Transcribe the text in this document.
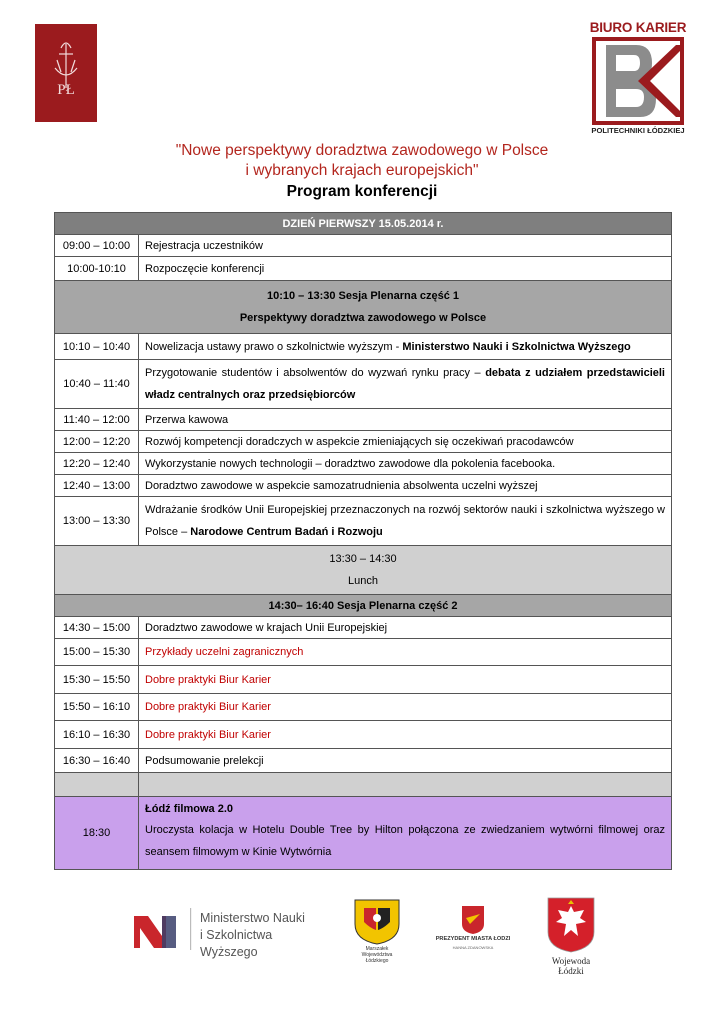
PŁ
BIURO KARIER
POLITECHNIKI ŁÓDZKIEJ
"Nowe perspektywy doradztwa zawodowego w Polsce
i wybranych krajach europejskich"
Program konferencji
DZIEŃ PIERWSZY 15.05.2014 r.	
09:00 – 10:00	Rejestracja uczestników
10:00-10:10	Rozpoczęcie konferencji

10:10 – 13:30 Sesja Plenarna część 1
Perspektywy doradztwa zawodowego w Polsce	

10:10 – 10:40	Nowelizacja ustawy prawo o szkolnictwie wyższym - Ministerstwo Nauki i Szkolnictwa Wyższego
10:40 – 11:40	Przygotowanie studentów i absolwentów do wyzwań rynku pracy – debata z udziałem przedstawicieli władz centralnych oraz przedsiębiorców
11:40 – 12:00	Przerwa kawowa
12:00 – 12:20	Rozwój kompetencji doradczych w aspekcie zmieniających się oczekiwań pracodawców
12:20 – 12:40	Wykorzystanie nowych technologii – doradztwo zawodowe dla pokolenia facebooka.
12:40 – 13:00	Doradztwo zawodowe w aspekcie samozatrudnienia absolwenta uczelni wyższej
13:00 – 13:30	Wdrażanie środków Unii Europejskiej przeznaczonych na rozwój sektorów nauki i szkolnictwa wyższego w Polsce – Narodowe Centrum Badań i Rozwoju

13:30 – 14:30
Lunch	

14:30– 16:40 Sesja Plenarna część 2	
14:30 – 15:00	Doradztwo zawodowe w krajach Unii Europejskiej
15:00 – 15:30	Przykłady uczelni zagranicznych
15:30 – 15:50	Dobre praktyki Biur Karier
15:50 – 16:10	Dobre praktyki Biur Karier
16:10 – 16:30	Dobre praktyki Biur Karier
16:30 – 16:40	Podsumowanie prelekcji

18:30	Łódź filmowa 2.0
Uroczysta kolacja w Hotelu Double Tree by Hilton połączona ze zwiedzaniem wytwórni filmowej oraz seansem filmowym w Kinie Wytwórnia
Ministerstwo Nauki
i Szkolnictwa Wyższego	Marszałek
Województwa
Łódzkiego
PREZYDENT MIASTA ŁODZI
HANNA ZDANOWSKA
Wojewoda Łódzki
